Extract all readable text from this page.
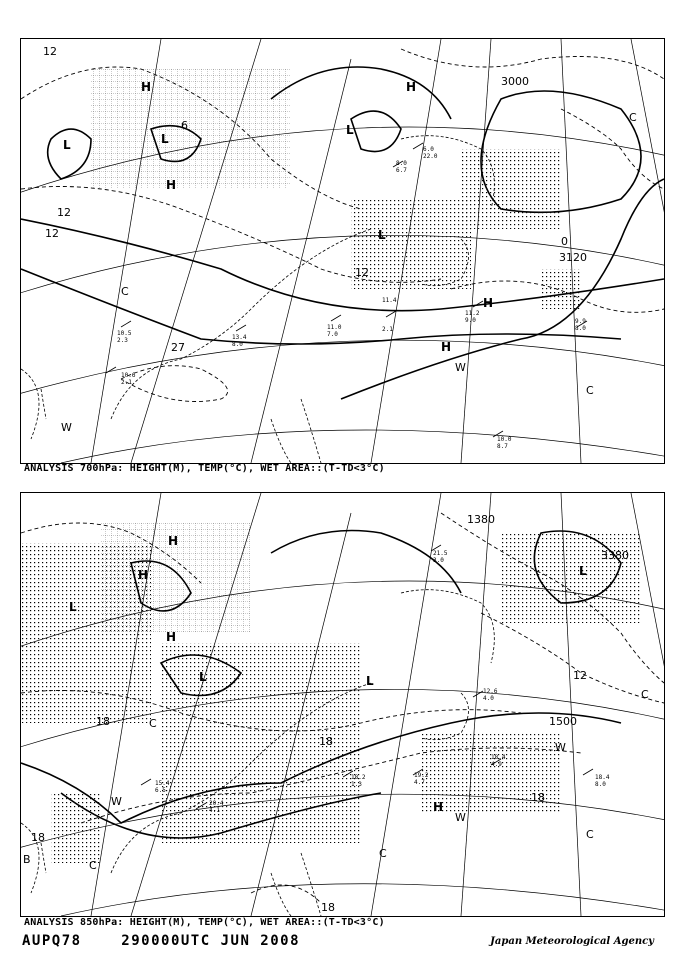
10.5
2.3	13.4
8.0
11.0
7.0
11.4
2.1
11.2
9.0	9.9
8.0
10.0
8.7
10.6
2.1
6.0
22.0
8.0
6.7
L
H
L
H
H
L
L
C
H
W
H
C
W
C
12
12
12
12
3000
3120
0
27
6
ANALYSIS 700hPa: HEIGHT(M), TEMP(°C), WET AREA::(T-TD<3°C)
18.4
8.0
18.4
4.9
19.2
4.7
18.2
1.3
20.4
4.1
15.4
6.5
12.6
4.0
21.5
3.0
H
L
H
H
L	L
C
W
C
H
W
C
W
C
C
B
L
1380
3380
1500
12
18
18
18
18
18
ANALYSIS 850hPa: HEIGHT(M), TEMP(°C), WET AREA::(T-TD<3°C)
AUPQ78	290000UTC JUN 2008	Japan Meteorological Agency
